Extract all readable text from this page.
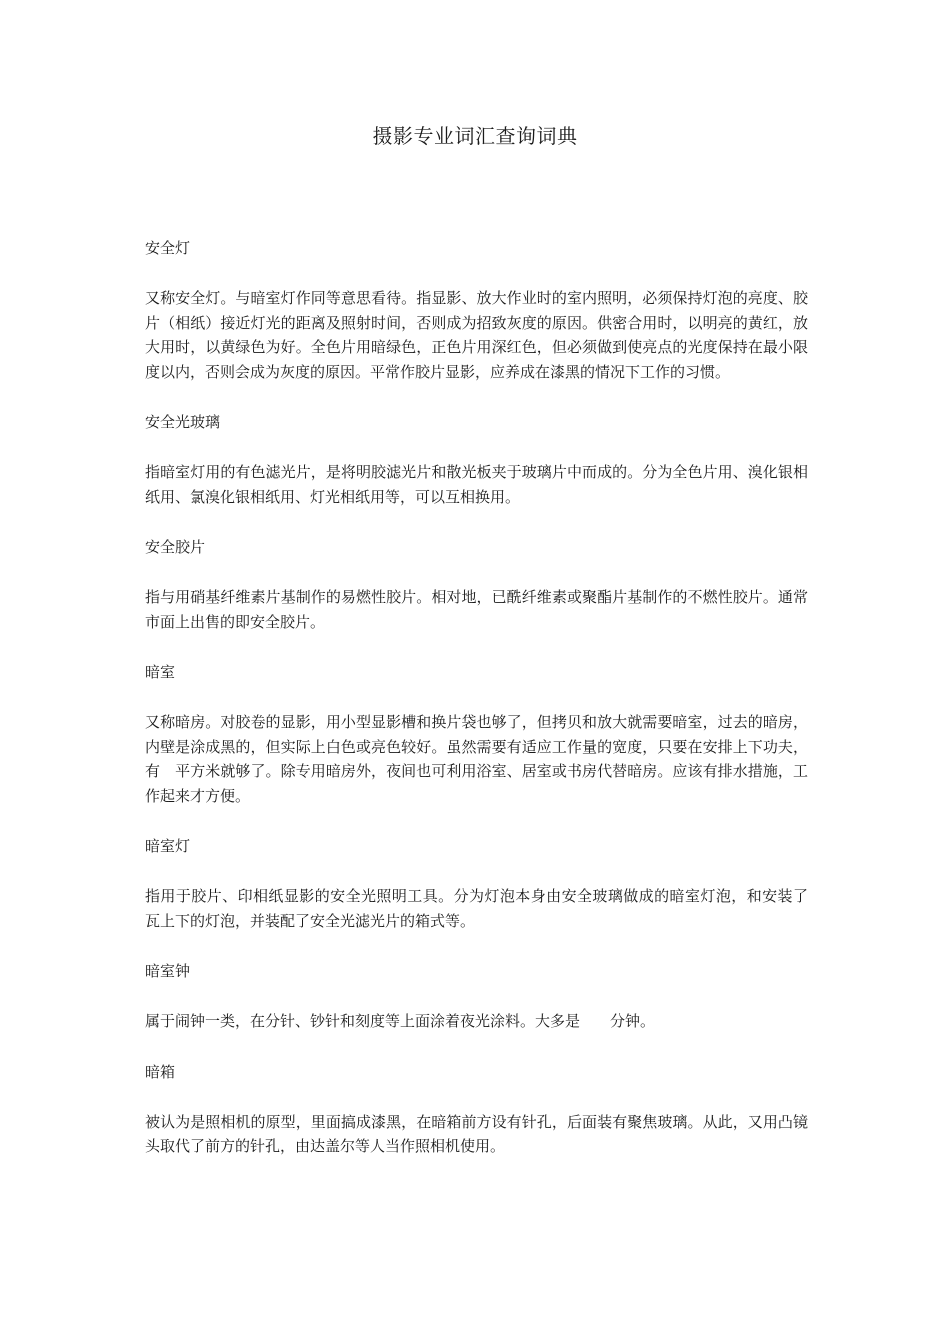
摄影专业词汇查询词典

安全灯

又称安全灯。与暗室灯作同等意思看待。指显影、放大作业时的室内照明，必须保持灯泡的亮度、胶片（相纸）接近灯光的距离及照射时间，否则成为招致灰度的原因。供密合用时，以明亮的黄红，放大用时，以黄绿色为好。全色片用暗绿色，正色片用深红色，但必须做到使亮点的光度保持在最小限度以内，否则会成为灰度的原因。平常作胶片显影，应养成在漆黑的情况下工作的习惯。

安全光玻璃

指暗室灯用的有色滤光片，是将明胶滤光片和散光板夹于玻璃片中而成的。分为全色片用、溴化银相纸用、氯溴化银相纸用、灯光相纸用等，可以互相换用。

安全胶片

指与用硝基纤维素片基制作的易燃性胶片。相对地，已酰纤维素或聚酯片基制作的不燃性胶片。通常市面上出售的即安全胶片。

暗室

又称暗房。对胶卷的显影，用小型显影槽和换片袋也够了，但拷贝和放大就需要暗室，过去的暗房，内壁是涂成黑的，但实际上白色或亮色较好。虽然需要有适应工作量的宽度，只要在安排上下功夫，有　平方米就够了。除专用暗房外，夜间也可利用浴室、居室或书房代替暗房。应该有排水措施，工作起来才方便。

暗室灯

指用于胶片、印相纸显影的安全光照明工具。分为灯泡本身由安全玻璃做成的暗室灯泡，和安装了　　瓦上下的灯泡，并装配了安全光滤光片的箱式等。

暗室钟

属于闹钟一类，在分针、钞针和刻度等上面涂着夜光涂料。大多是　　分钟。

暗箱

被认为是照相机的原型，里面搞成漆黑，在暗箱前方设有针孔，后面装有聚焦玻璃。从此，又用凸镜头取代了前方的针孔，由达盖尔等人当作照相机使用。
